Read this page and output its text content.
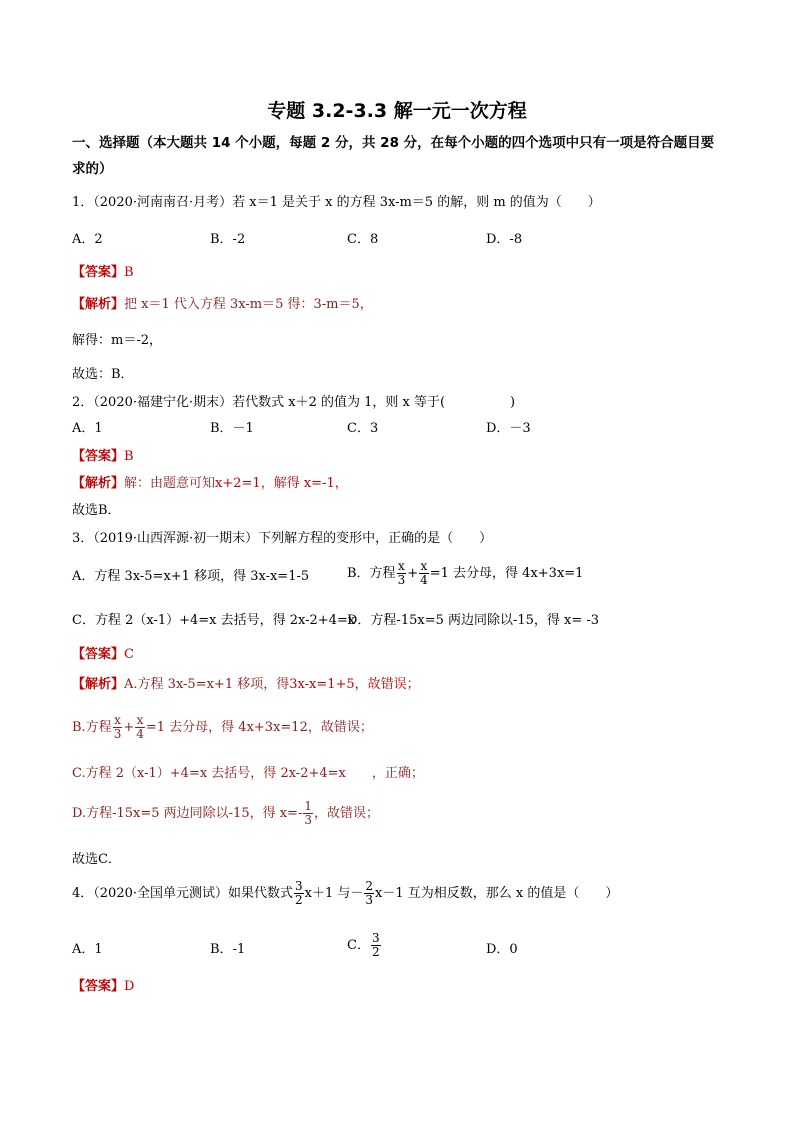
专题 3.2-3.3 解一元一次方程
一、选择题（本大题共 14 个小题，每题 2 分，共 28 分，在每个小题的四个选项中只有一项是符合题目要
求的）
1．（2020·河南南召·月考）若 x＝1 是关于 x 的方程 3x-m＝5 的解，则 m 的值为（　　）
A．2	B．-2	C．8	D．-8
【答案】B
【解析】把 x＝1 代入方程 3x-m＝5 得：3-m＝5，
解得：m＝-2，
故选：B．
2．（2020·福建宁化·期末）若代数式 x＋2 的值为 1，则 x 等于(　　　　　)
A．1	B．－1	C．3	D．－3
【答案】B
【解析】解：由题意可知x+2=1，解得 x=-1，
故选B．
3．（2019·山西浑源·初一期末）下列解方程的变形中，正确的是（　　）
A．方程 3x-5=x+1 移项，得 3x-x=1-5	B．方程 $\frac{x}{3} + \frac{x}{4} =1$ 去分母，得 4x+3x=1
C．方程 2（x-1）+4=x 去括号，得 2x-2+4=x
D．方程-15x=5 两边同除以-15，得 x= -3
【答案】C
【解析】A.方程 3x-5=x+1 移项，得3x-x=1+5，故错误；
B.方程 $\frac{x}{3} + \frac{x}{4} =1$ 去分母，得 4x+3x=12，故错误；
C.方程 2（x-1）+4=x 去括号，得 2x-2+4=x　　，正确；
D.方程-15x=5 两边同除以-15，得 $x=- \frac{1}{3}$ ，故错误；
故选C．
4．（2020·全国单元测试）如果代数式 $\frac{3}{2} x+1$ 与－ $\frac{2}{3} x-1$ 互为相反数，那么 x 的值是（　　）
A．1	B．-1	C． $\frac{3}{2}$	D．0
【答案】D
